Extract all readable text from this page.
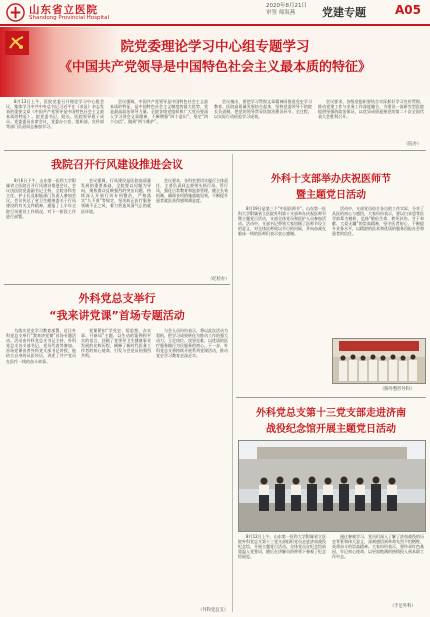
山东省立医院
Shandong Provincial Hospital
2020年8月21日
审签 师海燕	党建专题 A05
院党委理论学习中心组专题学习
《中国共产党领导是中国特色社会主义最本质的特征》

8月13日上午，医院党委召开理论学习中心组会议，集体学习中共中央总书记习近平在《求是》杂志发表的重要文章《中国共产党领导是中国特色社会主义最本质的特征》。院党委书记、院长、医院领导班子成员、党委委员出席会议，党委办公室、组织部、宣传部等部门负责同志参加学习。

会议强调，中国共产党领导是中国特色社会主义最本质的特征，是中国特色社会主义制度的最大优势，党是最高政治领导力量。全院各级党组织和广大党员要深入学习领会文章精神，不断增强“四个意识”、坚定“四个自信”、做到“两个维护”。

会议指出，要把学习贯彻文章精神同推进党史学习教育、医院高质量发展结合起来，坚持党委领导下的院长负责制，把党的领导贯穿医院治理各环节、全过程，以实际行动检验学习成效。

会议要求，各级党组织要结合实际抓好学习宣传贯彻，推动党建工作与业务工作深度融合，为建设一流研究型医院提供坚强的政治保证，以优异成绩迎接党的第二十次全国代表大会胜利召开。

（院办）
我院召开行风建设推进会议

8月6日下午，山东第一医科大学附属省立医院召开行风建设推进会议。会议由医院党委副书记主持，全院各科室主任、护士长及职能部门负责人参加会议。会议传达了省卫生健康委关于行风建设的有关文件精神，通报了上半年全院行风建设工作情况，对下一阶段工作进行部署。

会议强调，行风建设是医院高质量发展的重要基础，全院要以问题为导向，聚焦群众反映强烈的突出问题，持续深入开展行风专项整治，严格落实“九不准”等规定，坚决纠正医疗服务领域不正之风，着力营造风清气正的就医环境。

会议要求，各科室要切实履行主体责任，主要负责同志要带头抓行风、管行风，强化日常教育和监督管理，健全长效机制，确保各项措施落地见效，不断提升患者就医获得感和满意度。

（纪检办）
外科党总支举行
“我来讲党课”首场专题活动

为落实党史学习教育部署，近日外科党总支举行“我来讲党课”首场专题活动。活动由外科党总支书记主持，外科党总支各支部书记、党员代表等参加。首场党课由普外科党支部书记讲授，他结合自身的从医经历，讲述了共产党员在医疗一线的奋斗故事。

党课紧扣“学党史、悟思想、办实事、开新局”主题，以生动的案例和平实的语言，回顾了党领导卫生健康事业发展的光辉历程，阐释了新时代医务工作者的初心使命，引发与会党员的强烈共鸣。

与会人员纷纷表示，将以此次活动为契机，把学习成果转化为推动工作的强大动力，立足岗位、攻坚克难，以优质的医疗服务践行为民服务的初心。下一步，外科党总支将持续开展系列党课活动，推动党史学习教育走深走实。

（外科党总支）
外科十支部举办庆祝医师节
暨主题党日活动

8月19日是第三个“中国医师节”。山东第一医科大学附属省立医院外科第十支部举办庆祝医师节暨主题党日活动，支部全体党员和医护人员参加活动。活动中，支部书记带领大家回顾了医师节设立的意义，对全体医师致以节日的问候，并向奋战在临床一线的医师们表示衷心感谢。

活动中，支部党员结合各自的工作实际，分享了从医的初心与感悟，大家纷纷表示，要以白求恩等医学前辈为榜样，弘扬“敬佑生命、救死扶伤、甘于奉献、大爱无疆”的崇高精神，坚守医者初心，不断提升业务水平，以精湛的医术和优质的服务回报社会和患者的信任。

（胸外整形外科）
外科党总支第十三党支部走进济南
战役纪念馆开展主题党日活动

8月12日上午，山东第一医科大学附属省立医院外科党总支第十三党支部组织党员走进济南战役纪念馆，开展主题党日活动。全体党员在纪念馆前重温入党誓词，随后在讲解员的带领下参观了纪念馆展览。

通过参观学习，党员们深入了解了济南战役的历史背景和伟大意义，深刻感悟到革命先烈不怕牺牲、英勇奋斗的崇高精神。大家纷纷表示，要传承红色基因，牢记初心使命，以更加饱满的热情投入到本职工作中去。

（手足外科）
